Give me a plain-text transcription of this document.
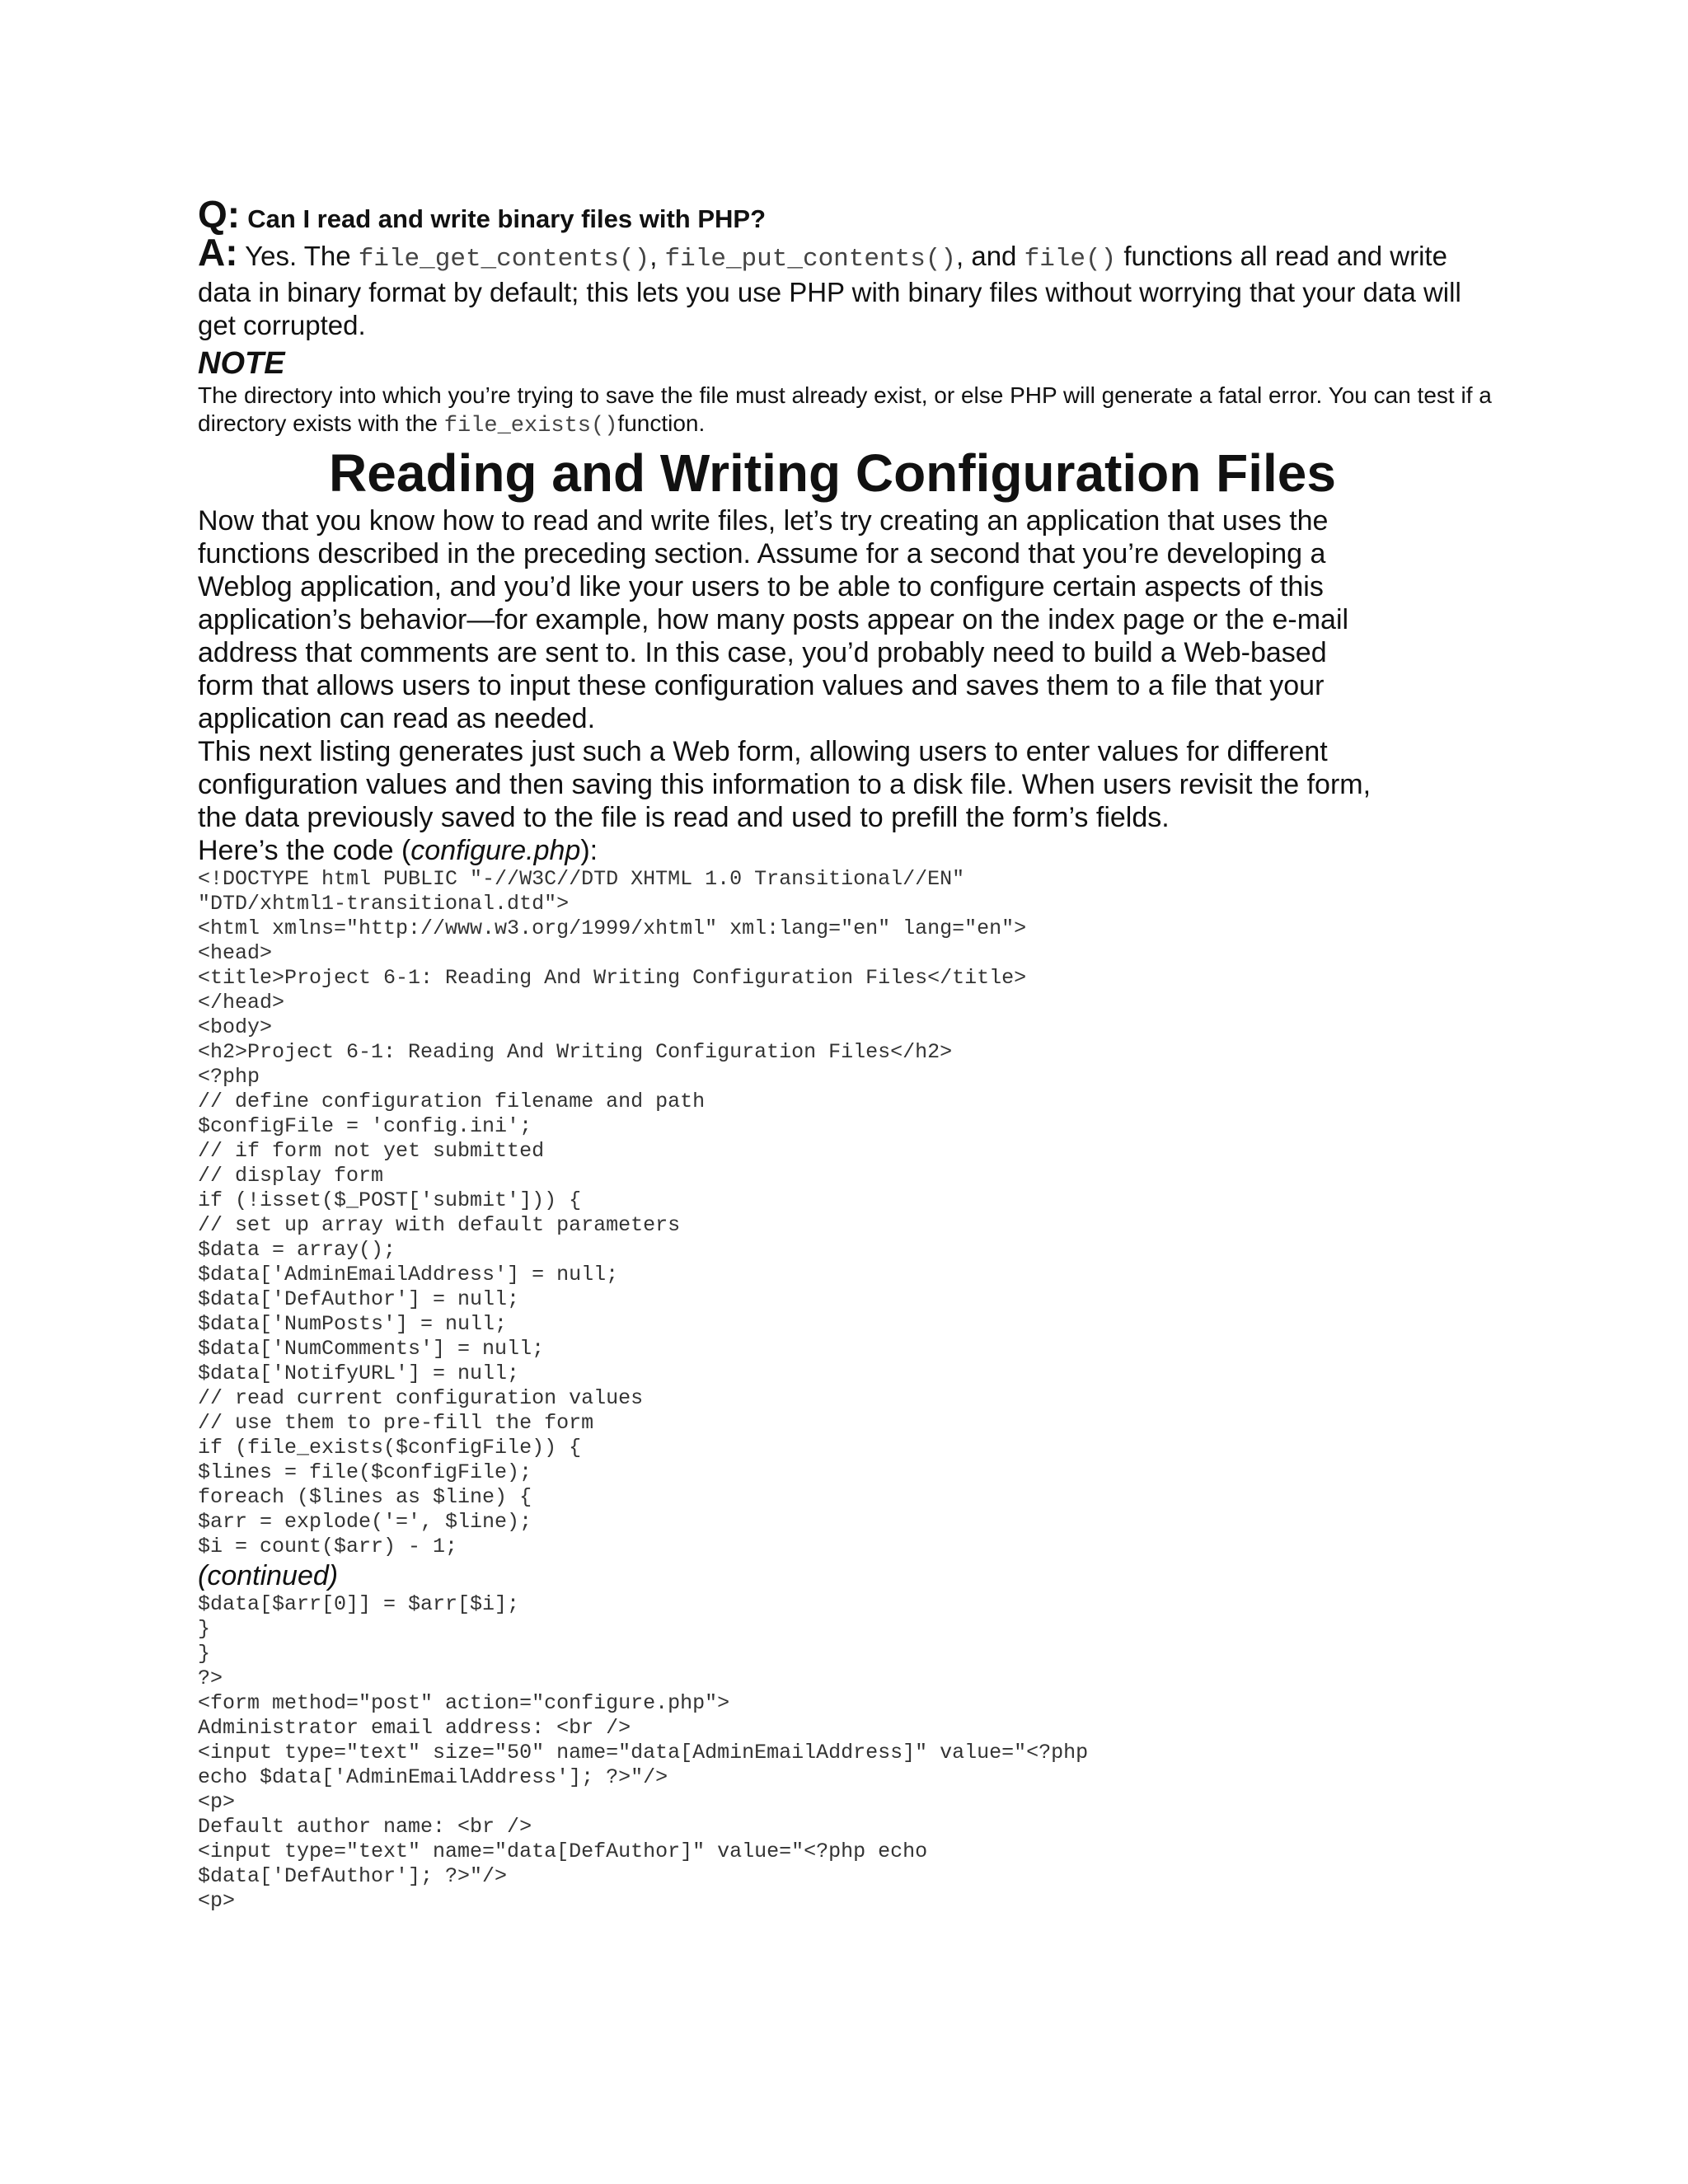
Q: Can I read and write binary files with PHP?

A: Yes. The file_get_contents(), file_put_contents(), and file() functions all read and write data in binary format by default; this lets you use PHP with binary files without worrying that your data will get corrupted.

NOTE
The directory into which you’re trying to save the file must already exist, or else PHP will generate a fatal error. You can test if a directory exists with the file_exists()function.
Reading and Writing Configuration Files

Now that you know how to read and write files, let’s try creating an application that uses the functions described in the preceding section. Assume for a second that you’re developing a Weblog application, and you’d like your users to be able to configure certain aspects of this application’s behavior—for example, how many posts appear on the index page or the e-mail address that comments are sent to. In this case, you’d probably need to build a Web-based form that allows users to input these configuration values and saves them to a file that your application can read as needed.

This next listing generates just such a Web form, allowing users to enter values for different configuration values and then saving this information to a disk file. When users revisit the form, the data previously saved to the file is read and used to prefill the form’s fields.

Here’s the code (configure.php):

<!DOCTYPE html PUBLIC "-//W3C//DTD XHTML 1.0 Transitional//EN"
"DTD/xhtml1-transitional.dtd">
<html xmlns="http://www.w3.org/1999/xhtml" xml:lang="en" lang="en">
<head>
<title>Project 6-1: Reading And Writing Configuration Files</title>
</head>
<body>
<h2>Project 6-1: Reading And Writing Configuration Files</h2>
<?php
// define configuration filename and path
$configFile = 'config.ini';
// if form not yet submitted
// display form
if (!isset($_POST['submit'])) {
// set up array with default parameters
$data = array();
$data['AdminEmailAddress'] = null;
$data['DefAuthor'] = null;
$data['NumPosts'] = null;
$data['NumComments'] = null;
$data['NotifyURL'] = null;
// read current configuration values
// use them to pre-fill the form
if (file_exists($configFile)) {
$lines = file($configFile);
foreach ($lines as $line) {
$arr = explode('=', $line);
$i = count($arr) - 1;

(continued)

$data[$arr[0]] = $arr[$i];
}
}
?>
<form method="post" action="configure.php">
Administrator email address: <br />
<input type="text" size="50" name="data[AdminEmailAddress]" value="<?php
echo $data['AdminEmailAddress']; ?>"/>
<p>
Default author name: <br />
<input type="text" name="data[DefAuthor]" value="<?php echo
$data['DefAuthor']; ?>"/>
<p>
